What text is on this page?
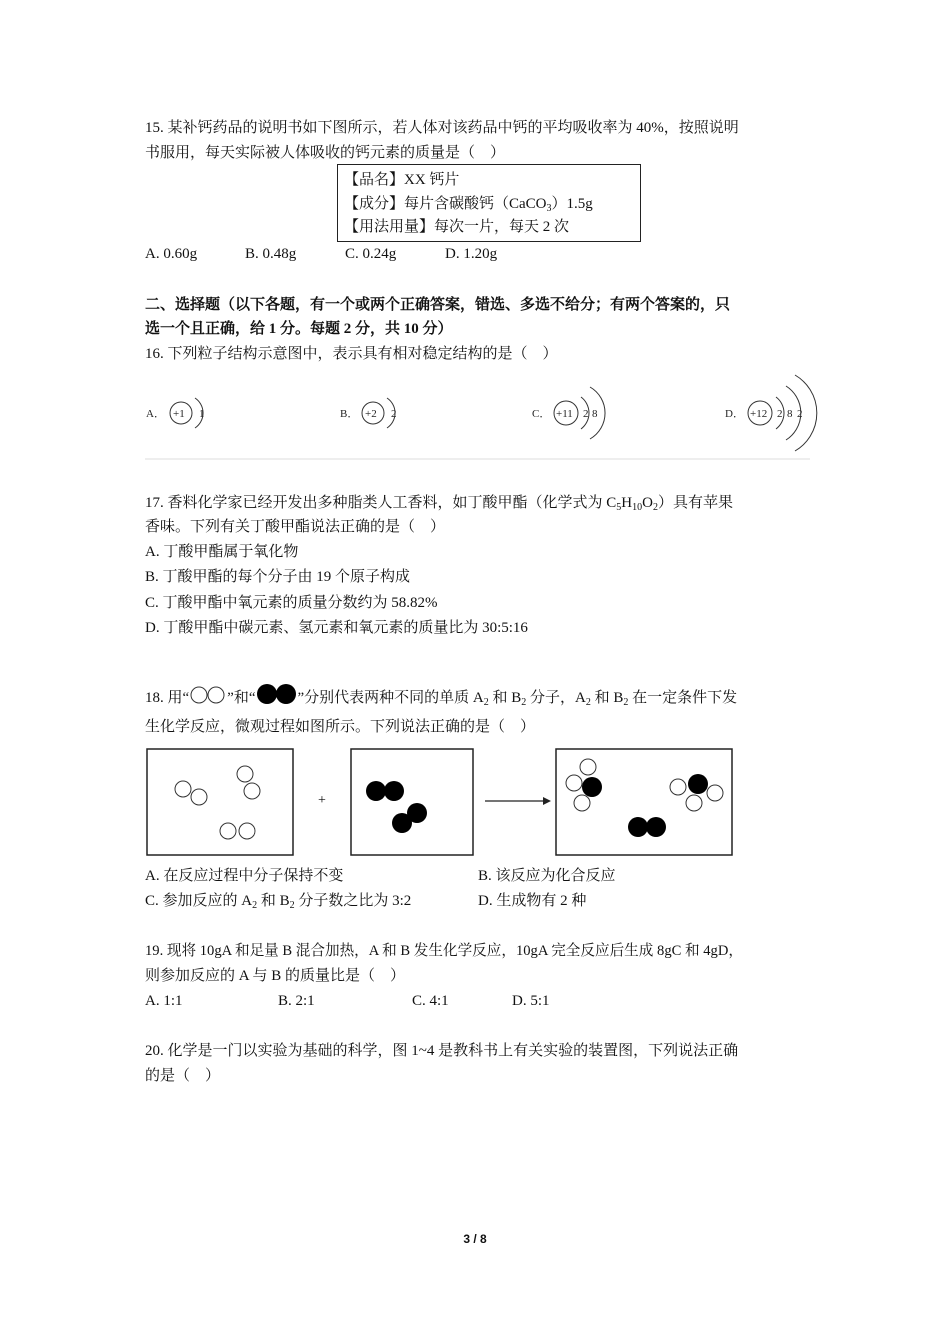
15. 某补钙药品的说明书如下图所示，若人体对该药品中钙的平均吸收率为 40%，按照说明
书服用，每天实际被人体吸收的钙元素的质量是（　）
【品名】XX 钙片
【成分】每片含碳酸钙（CaCO$_3$）1.5g
【用法用量】每次一片，每天 2 次
A. 0.60g	B. 0.48g	C. 0.24g	D. 1.20g
二、选择题（以下各题，有一个或两个正确答案，错选、多选不给分；有两个答案的，只
选一个且正确，给 1 分。每题 2 分，共 10 分）
16. 下列粒子结构示意图中，表示具有相对稳定结构的是（　）
A． +1 1	B． +2 2	C． +11 2 8	D． +12 2 8 2
17. 香料化学家已经开发出多种脂类人工香料，如丁酸甲酯（化学式为 $C_5H_{10}O_2$）具有苹果
香味。下列有关丁酸甲酯说法正确的是（　）
A. 丁酸甲酯属于氧化物
B. 丁酸甲酯的每个分子由 19 个原子构成
C. 丁酸甲酯中氧元素的质量分数约为 58.82%
D. 丁酸甲酯中碳元素、氢元素和氧元素的质量比为 30:5:16
18. 用“	”和“	”分别代表两种不同的单质 $A_2$ 和 $B_2$ 分子，$A_2$ 和 $B_2$ 在一定条件下发
生化学反应，微观过程如图所示。下列说法正确的是（　）
+
A. 在反应过程中分子保持不变	B. 该反应为化合反应
C. 参加反应的 $A_2$ 和 $B_2$ 分子数之比为 3:2	D. 生成物有 2 种
19. 现将 10gA 和足量 B 混合加热，A 和 B 发生化学反应，10gA 完全反应后生成 8gC 和 4gD，
则参加反应的 A 与 B 的质量比是（　）
A. 1:1	B. 2:1	C. 4:1	D. 5:1
20. 化学是一门以实验为基础的科学，图 1~4 是教科书上有关实验的装置图，下列说法正确
的是（　）
3 / 8
